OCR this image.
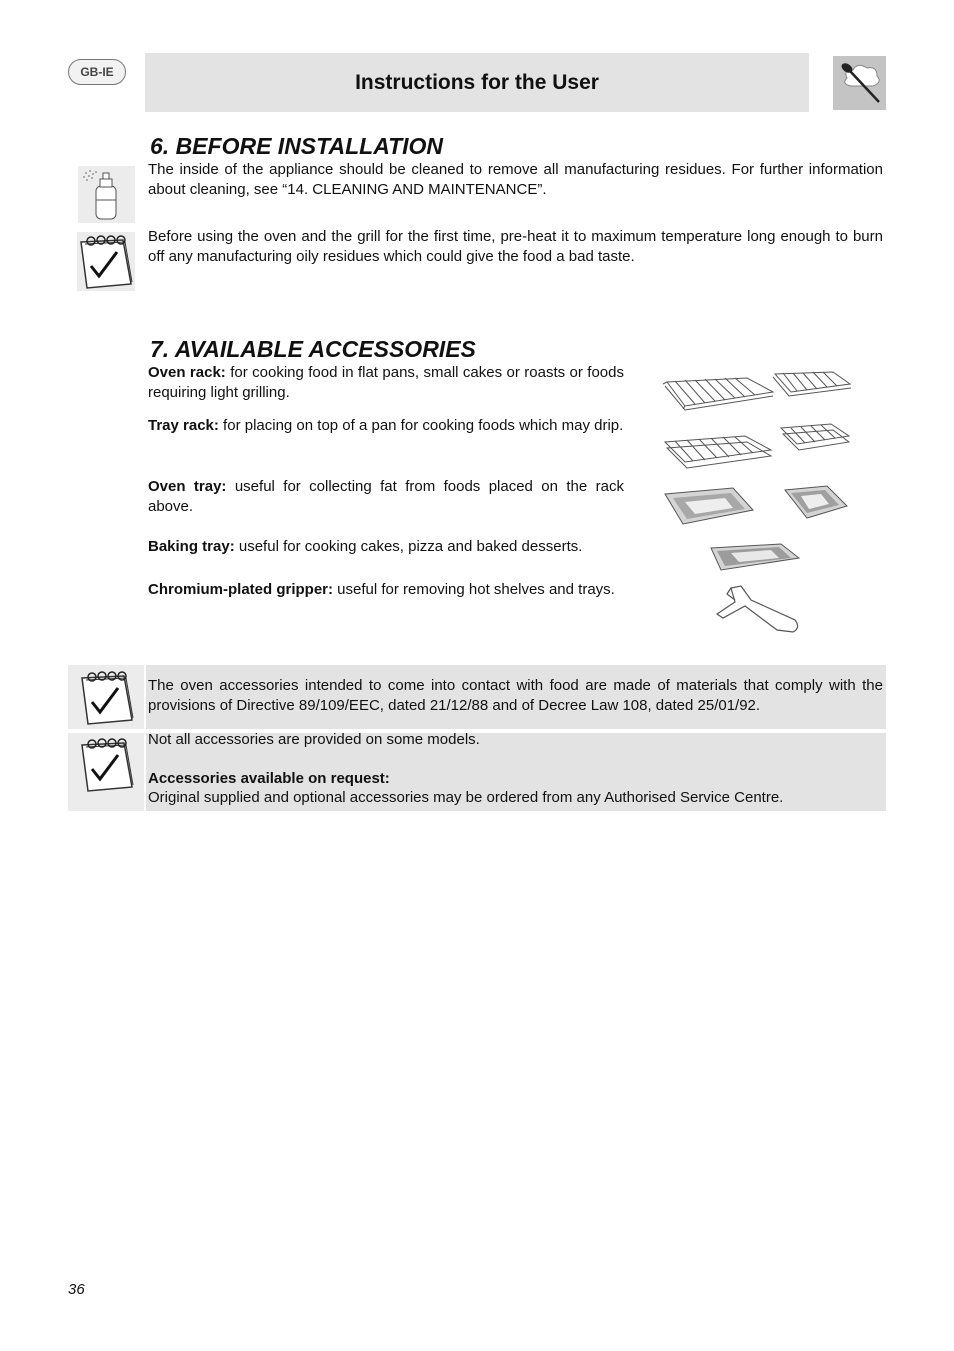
GB-IE	Instructions for the User
6. BEFORE INSTALLATION

The inside of the appliance should be cleaned to remove all manufacturing residues. For further information about cleaning, see “14. CLEANING AND MAINTENANCE”.

Before using the oven and the grill for the first time, pre-heat it to maximum temperature long enough to burn off any manufacturing oily residues which could give the food a bad taste.

7. AVAILABLE ACCESSORIES

Oven rack: for cooking food in flat pans, small cakes or roasts or foods requiring light grilling.

Tray rack: for placing on top of a pan for cooking foods which may drip.

Oven tray: useful for collecting fat from foods placed on the rack above.

Baking tray: useful for cooking cakes, pizza and baked desserts.

Chromium-plated gripper: useful for removing hot shelves and trays.

The oven accessories intended to come into contact with food are made of materials that comply with the provisions of Directive 89/109/EEC, dated 21/12/88 and of Decree Law 108, dated 25/01/92.

Not all accessories are provided on some models.

Accessories available on request:

Original supplied and optional accessories may be ordered from any Authorised Service Centre.

36
